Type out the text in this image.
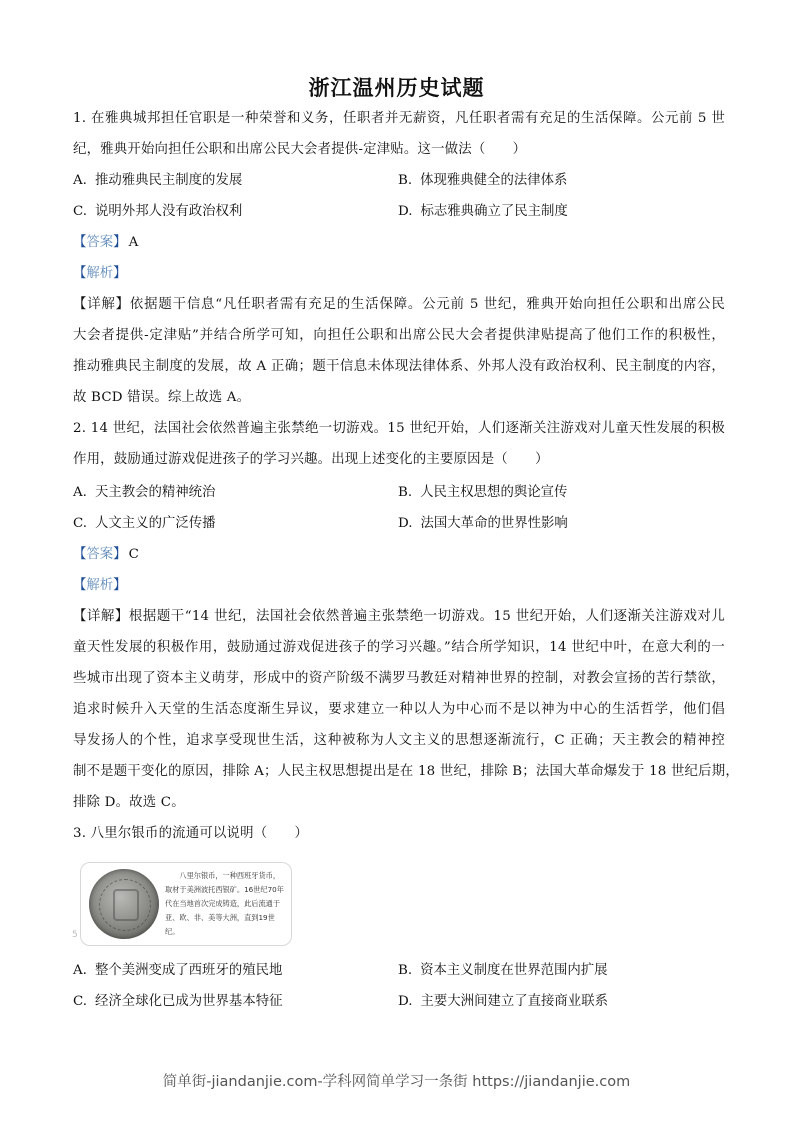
浙江温州历史试题
1. 在雅典城邦担任官职是一种荣誉和义务，任职者并无薪资，凡任职者需有充足的生活保障。公元前 5 世
纪，雅典开始向担任公职和出席公民大会者提供-定津贴。这一做法（　　）
A. 推动雅典民主制度的发展	B. 体现雅典健全的法律体系
C. 说明外邦人没有政治权利	D. 标志雅典确立了民主制度
【答案】 A
【解析】
【详解】依据题干信息“凡任职者需有充足的生活保障。公元前 5 世纪，雅典开始向担任公职和出席公民
大会者提供-定津贴”并结合所学可知，向担任公职和出席公民大会者提供津贴提高了他们工作的积极性，
推动雅典民主制度的发展，故 A 正确；题干信息未体现法律体系、外邦人没有政治权利、民主制度的内容，
故 BCD 错误。综上故选 A。
2. 14 世纪，法国社会依然普遍主张禁绝一切游戏。15 世纪开始，人们逐渐关注游戏对儿童天性发展的积极
作用，鼓励通过游戏促进孩子的学习兴趣。出现上述变化的主要原因是（　　）
A. 天主教会的精神统治	B. 人民主权思想的舆论宣传
C. 人文主义的广泛传播	D. 法国大革命的世界性影响
【答案】 C
【解析】
【详解】根据题干“14 世纪，法国社会依然普遍主张禁绝一切游戏。15 世纪开始，人们逐渐关注游戏对儿
童天性发展的积极作用，鼓励通过游戏促进孩子的学习兴趣。”结合所学知识，14 世纪中叶，在意大利的一
些城市出现了资本主义萌芽，形成中的资产阶级不满罗马教廷对精神世界的控制，对教会宣扬的苦行禁欲，
追求时候升入天堂的生活态度渐生异议，要求建立一种以人为中心而不是以神为中心的生活哲学，他们倡
导发扬人的个性，追求享受现世生活，这种被称为人文主义的思想逐渐流行，C 正确；天主教会的精神控
制不是题干变化的原因，排除 A；人民主权思想提出是在 18 世纪，排除 B；法国大革命爆发于 18 世纪后期，
排除 D。故选 C。
3. 八里尔银币的流通可以说明（　　）
八里尔银币，一种西班牙货币，取材于美洲波托西银矿。16世纪70年代在当地首次完成铸造，此后流通于亚、欧、非、美等大洲，直到19世纪。
5
A. 整个美洲变成了西班牙的殖民地	B. 资本主义制度在世界范围内扩展
C. 经济全球化已成为世界基本特征	D. 主要大洲间建立了直接商业联系
简单街-jiandanjie.com-学科网简单学习一条街 https://jiandanjie.com
